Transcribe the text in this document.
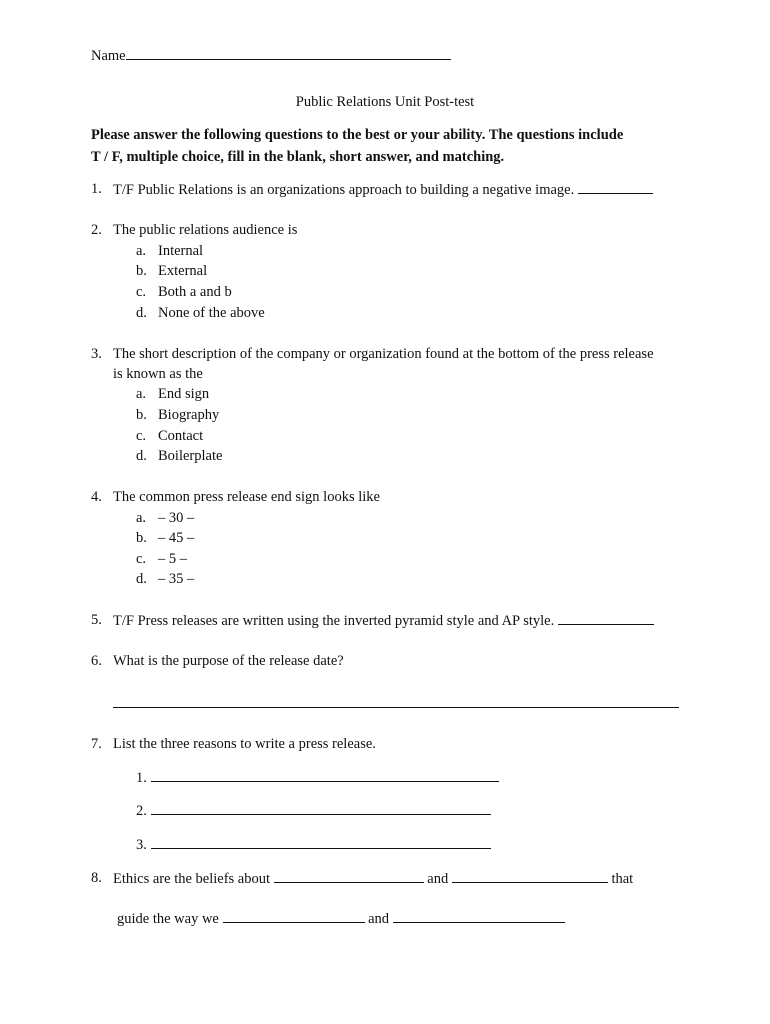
Name
Public Relations Unit Post-test
Please answer the following questions to the best or your ability. The questions include
T / F, multiple choice, fill in the blank, short answer, and matching.
1. T/F Public Relations is an organizations approach to building a negative image.
2. The public relations audience is
a. Internal
b. External
c. Both a and b
d. None of the above
3. The short description of the company or organization found at the bottom of the press release
is known as the
a. End sign
b. Biography
c. Contact
d. Boilerplate
4. The common press release end sign looks like
a. – 30 –
b. – 45 –
c. – 5 –
d. – 35 –
5. T/F Press releases are written using the inverted pyramid style and AP style.
6. What is the purpose of the release date?
7. List the three reasons to write a press release.
1.
2.
3.
8. Ethics are the beliefs about	and	that
guide the way we	and
